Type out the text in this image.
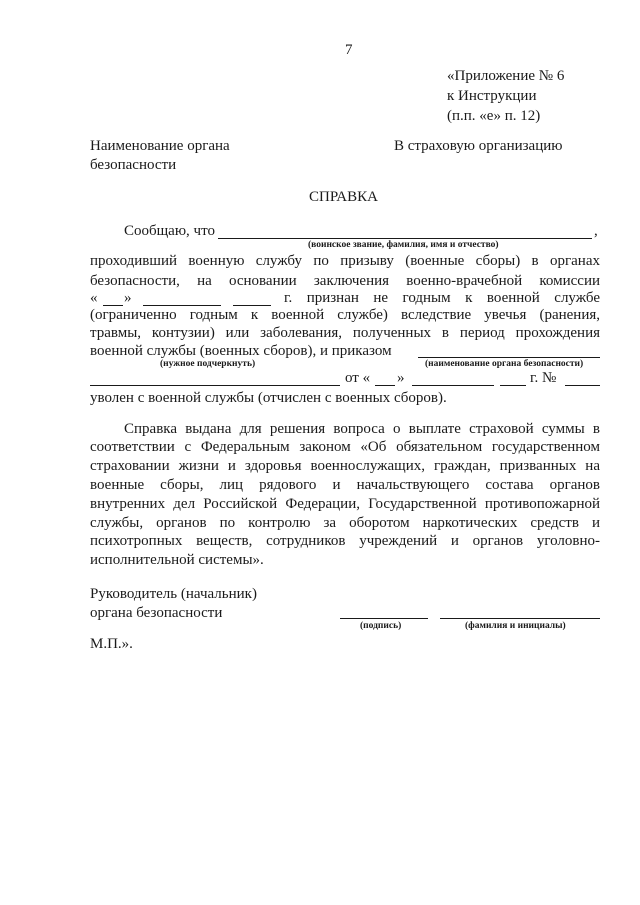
7
«Приложение № 6
к Инструкции
(п.п. «е» п. 12)
Наименование органа
безопасности
В страховую организацию
СПРАВКА
Сообщаю, что	,
(воинское звание, фамилия, имя и отчество)
проходивший военную службу по призыву (военные сборы) в органах
безопасности, на основании заключения военно-врачебной комиссии
« »	г. признан не годным к военной службе
(ограниченно годным к военной службе) вследствие увечья (ранения,
травмы, контузии) или заболевания, полученных в период прохождения
военной службы (военных сборов), и приказом
(нужное подчеркнуть)	(наименование органа безопасности)
от « »	г. №
уволен с военной службы (отчислен с военных сборов).
Справка выдана для решения вопроса о выплате страховой суммы в
соответствии с Федеральным законом «Об обязательном государственном
страховании жизни и здоровья военнослужащих, граждан, призванных на
военные сборы, лиц рядового и начальствующего состава органов
внутренних дел Российской Федерации, Государственной противопожарной
службы, органов по контролю за оборотом наркотических средств и
психотропных веществ, сотрудников учреждений и органов уголовно-
исполнительной системы».
Руководитель (начальник)
органа безопасности
(подпись)	(фамилия и инициалы)
М.П.».
